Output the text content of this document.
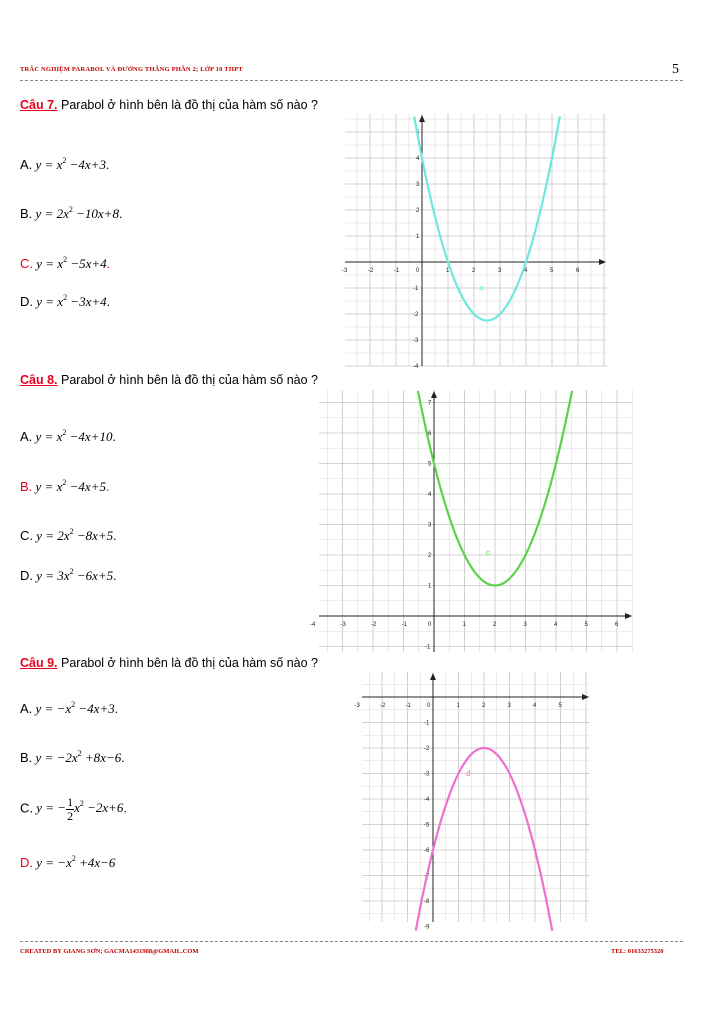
TRẮC NGHIỆM PARABOL VÀ ĐƯỜNG THẲNG PHẦN 2; LỚP 10 THPT	5
CREATED BY GIANG SƠN; GACMA1431988@GMAIL.COM	TEL: 01633275320
Câu 7. Parabol ở hình bên là đồ thị của hàm số nào ?
A. $y = x^2 -4x+3$.
B. $y = 2x^2 -10x+8$.
C. $y = x^2 -5x+4$.
D. $y = x^2 -3x+4$.
-3	-2	-1	0	1	2	3	4	5	6
5
4
3
2
1
-1
-2
-3
-4
a
Câu 8. Parabol ở hình bên là đồ thị của hàm số nào ?
A. $y = x^2 -4x+10$.
B. $y = x^2 -4x+5$.
C. $y = 2x^2 -8x+5$.
D. $y = 3x^2 -6x+5$.
-4	-3	-2	-1	0	1	2	3	4	5	6
7
6
5
4
3
2
1
-1
c
Câu 9. Parabol ở hình bên là đồ thị của hàm số nào ?
A. $y = -x^2 -4x+3$.
B. $y = -2x^2 +8x-6$.
C. y = − $\frac{1}{2} x^2 -2x+6$.
D. $y = -x^2 +4x-6$
-3	-2	-1	0	1	2	3	4	5
-1
-2
-3
-4
-5
-6
-7
-8
-9
d
